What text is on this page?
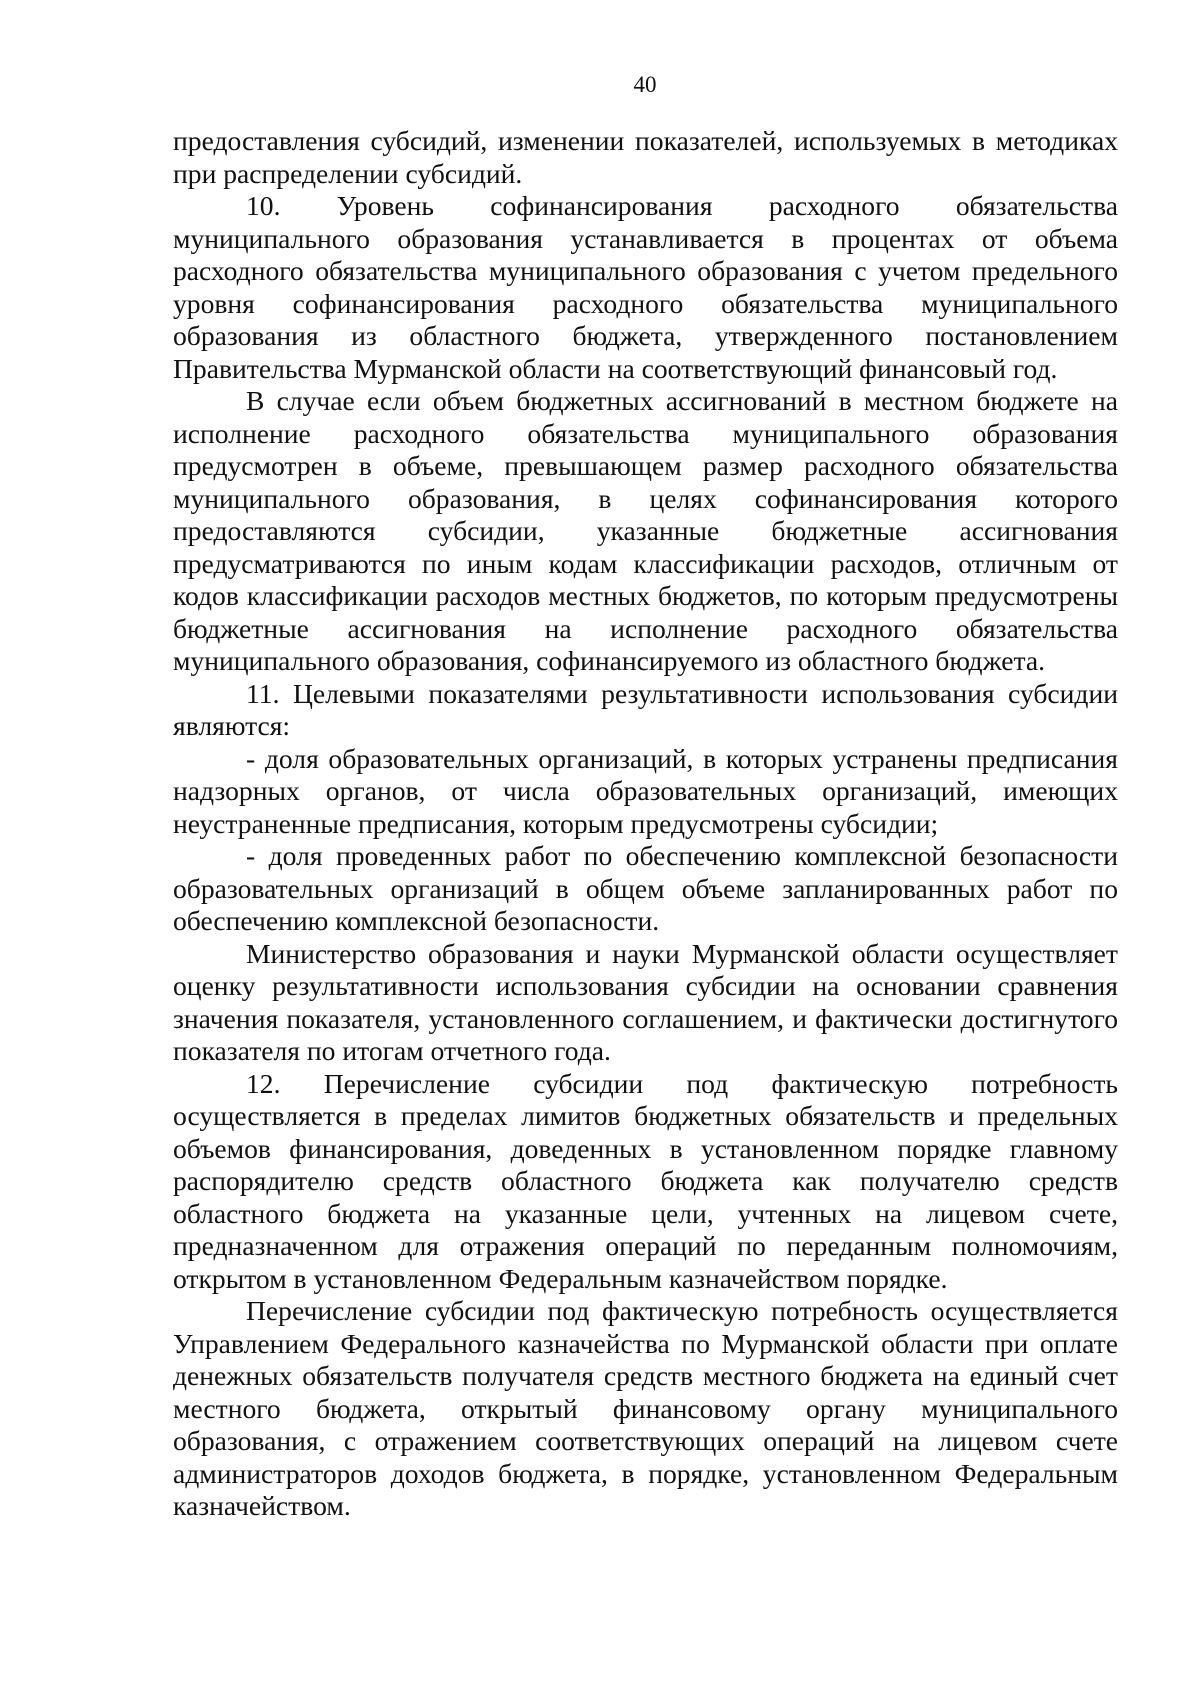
40

предоставления субсидий, изменении показателей, используемых в методиках при распределении субсидий.

10. Уровень софинансирования расходного обязательства муниципального образования устанавливается в процентах от объема расходного обязательства муниципального образования с учетом предельного уровня софинансирования расходного обязательства муниципального образования из областного бюджета, утвержденного постановлением Правительства Мурманской области на соответствующий финансовый год.

В случае если объем бюджетных ассигнований в местном бюджете на исполнение расходного обязательства муниципального образования предусмотрен в объеме, превышающем размер расходного обязательства муниципального образования, в целях софинансирования которого предоставляются субсидии, указанные бюджетные ассигнования предусматриваются по иным кодам классификации расходов, отличным от кодов классификации расходов местных бюджетов, по которым предусмотрены бюджетные ассигнования на исполнение расходного обязательства муниципального образования, софинансируемого из областного бюджета.

11. Целевыми показателями результативности использования субсидии являются:

- доля образовательных организаций, в которых устранены предписания надзорных органов, от числа образовательных организаций, имеющих неустраненные предписания, которым предусмотрены субсидии;

- доля проведенных работ по обеспечению комплексной безопасности образовательных организаций в общем объеме запланированных работ по обеспечению комплексной безопасности.

Министерство образования и науки Мурманской области осуществляет оценку результативности использования субсидии на основании сравнения значения показателя, установленного соглашением, и фактически достигнутого показателя по итогам отчетного года.

12. Перечисление субсидии под фактическую потребность осуществляется в пределах лимитов бюджетных обязательств и предельных объемов финансирования, доведенных в установленном порядке главному распорядителю средств областного бюджета как получателю средств областного бюджета на указанные цели, учтенных на лицевом счете, предназначенном для отражения операций по переданным полномочиям, открытом в установленном Федеральным казначейством порядке.

Перечисление субсидии под фактическую потребность осуществляется Управлением Федерального казначейства по Мурманской области при оплате денежных обязательств получателя средств местного бюджета на единый счет местного бюджета, открытый финансовому органу муниципального образования, с отражением соответствующих операций на лицевом счете администраторов доходов бюджета, в порядке, установленном Федеральным казначейством.
